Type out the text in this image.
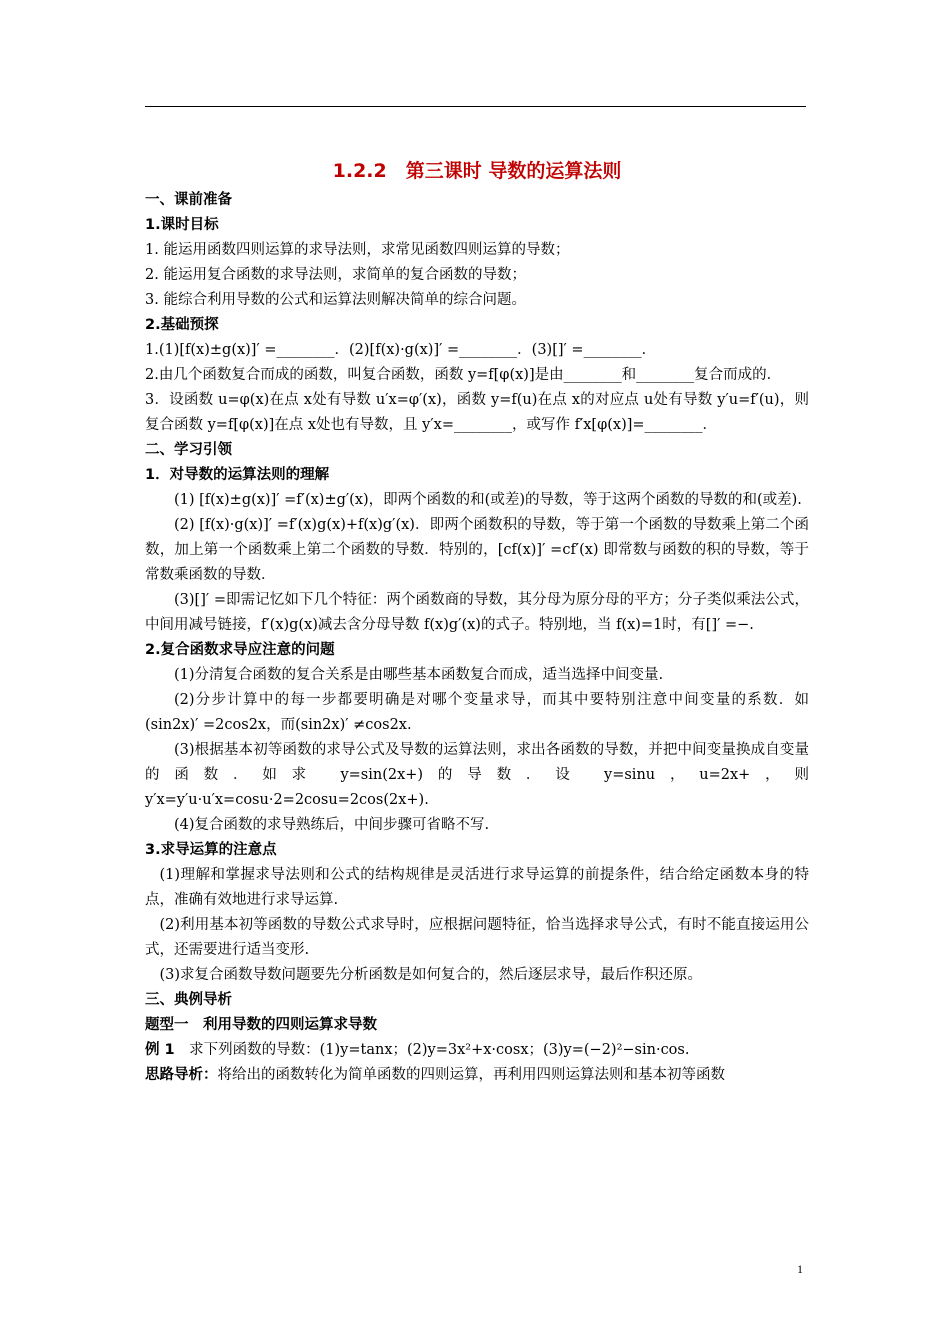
1.2.2　第三课时 导数的运算法则
一、课前准备
1.课时目标
1. 能运用函数四则运算的求导法则，求常见函数四则运算的导数；
2. 能运用复合函数的求导法则，求简单的复合函数的导数；
3. 能综合利用导数的公式和运算法则解决简单的综合问题。
2.基础预探
1.(1)[f(x)±g(x)]′ =________．(2)[f(x)·g(x)]′ =________．(3)[]′ =________．
2.由几个函数复合而成的函数，叫复合函数，函数 y=f[φ(x)]是由________和________复合而成的．
3．设函数 u=φ(x)在点 x处有导数 u′x=φ′(x)，函数 y=f(u)在点 x的对应点 u处有导数 y′u=f′(u)，则复合函数 y=f[φ(x)]在点 x处也有导数，且 y′x=________，或写作 f′x[φ(x)]=________．
二、学习引领
1．对导数的运算法则的理解
(1) [f(x)±g(x)]′ =f′(x)±g′(x)，即两个函数的和(或差)的导数，等于这两个函数的导数的和(或差).
(2) [f(x)·g(x)]′ =f′(x)g(x)+f(x)g′(x)．即两个函数积的导数，等于第一个函数的导数乘上第二个函数，加上第一个函数乘上第二个函数的导数．特别的，[cf(x)]′ =cf′(x) 即常数与函数的积的导数，等于常数乘函数的导数．
(3)[]′ =即需记忆如下几个特征：两个函数商的导数，其分母为原分母的平方；分子类似乘法公式，中间用减号链接，f′(x)g(x)减去含分母导数 f(x)g′(x)的式子。特别地，当 f(x)=1时，有[]′ =−.
2.复合函数求导应注意的问题
(1)分清复合函数的复合关系是由哪些基本函数复合而成，适当选择中间变量.
(2)分步计算中的每一步都要明确是对哪个变量求导，而其中要特别注意中间变量的系数．如(sin2x)′ =2cos2x，而(sin2x)′ ≠cos2x.
(3)根据基本初等函数的求导公式及导数的运算法则，求出各函数的导数，并把中间变量换成自变量的函数．如求 y=sin(2x+)的导数．设 y=sinu，u=2x+，则 y′x=y′u·u′x=cosu·2=2cosu=2cos(2x+).
(4)复合函数的求导熟练后，中间步骤可省略不写.
3.求导运算的注意点
(1)理解和掌握求导法则和公式的结构规律是灵活进行求导运算的前提条件，结合给定函数本身的特点，准确有效地进行求导运算.
(2)利用基本初等函数的导数公式求导时，应根据问题特征，恰当选择求导公式，有时不能直接运用公式，还需要进行适当变形.
(3)求复合函数导数问题要先分析函数是如何复合的，然后逐层求导，最后作积还原。
三、典例导析
题型一　利用导数的四则运算求导数
例 1　求下列函数的导数：(1)y=tanx；(2)y=3x²+x·cosx；(3)y=(−2)²−sin·cos.
思路导析：将给出的函数转化为简单函数的四则运算，再利用四则运算法则和基本初等函数
1
